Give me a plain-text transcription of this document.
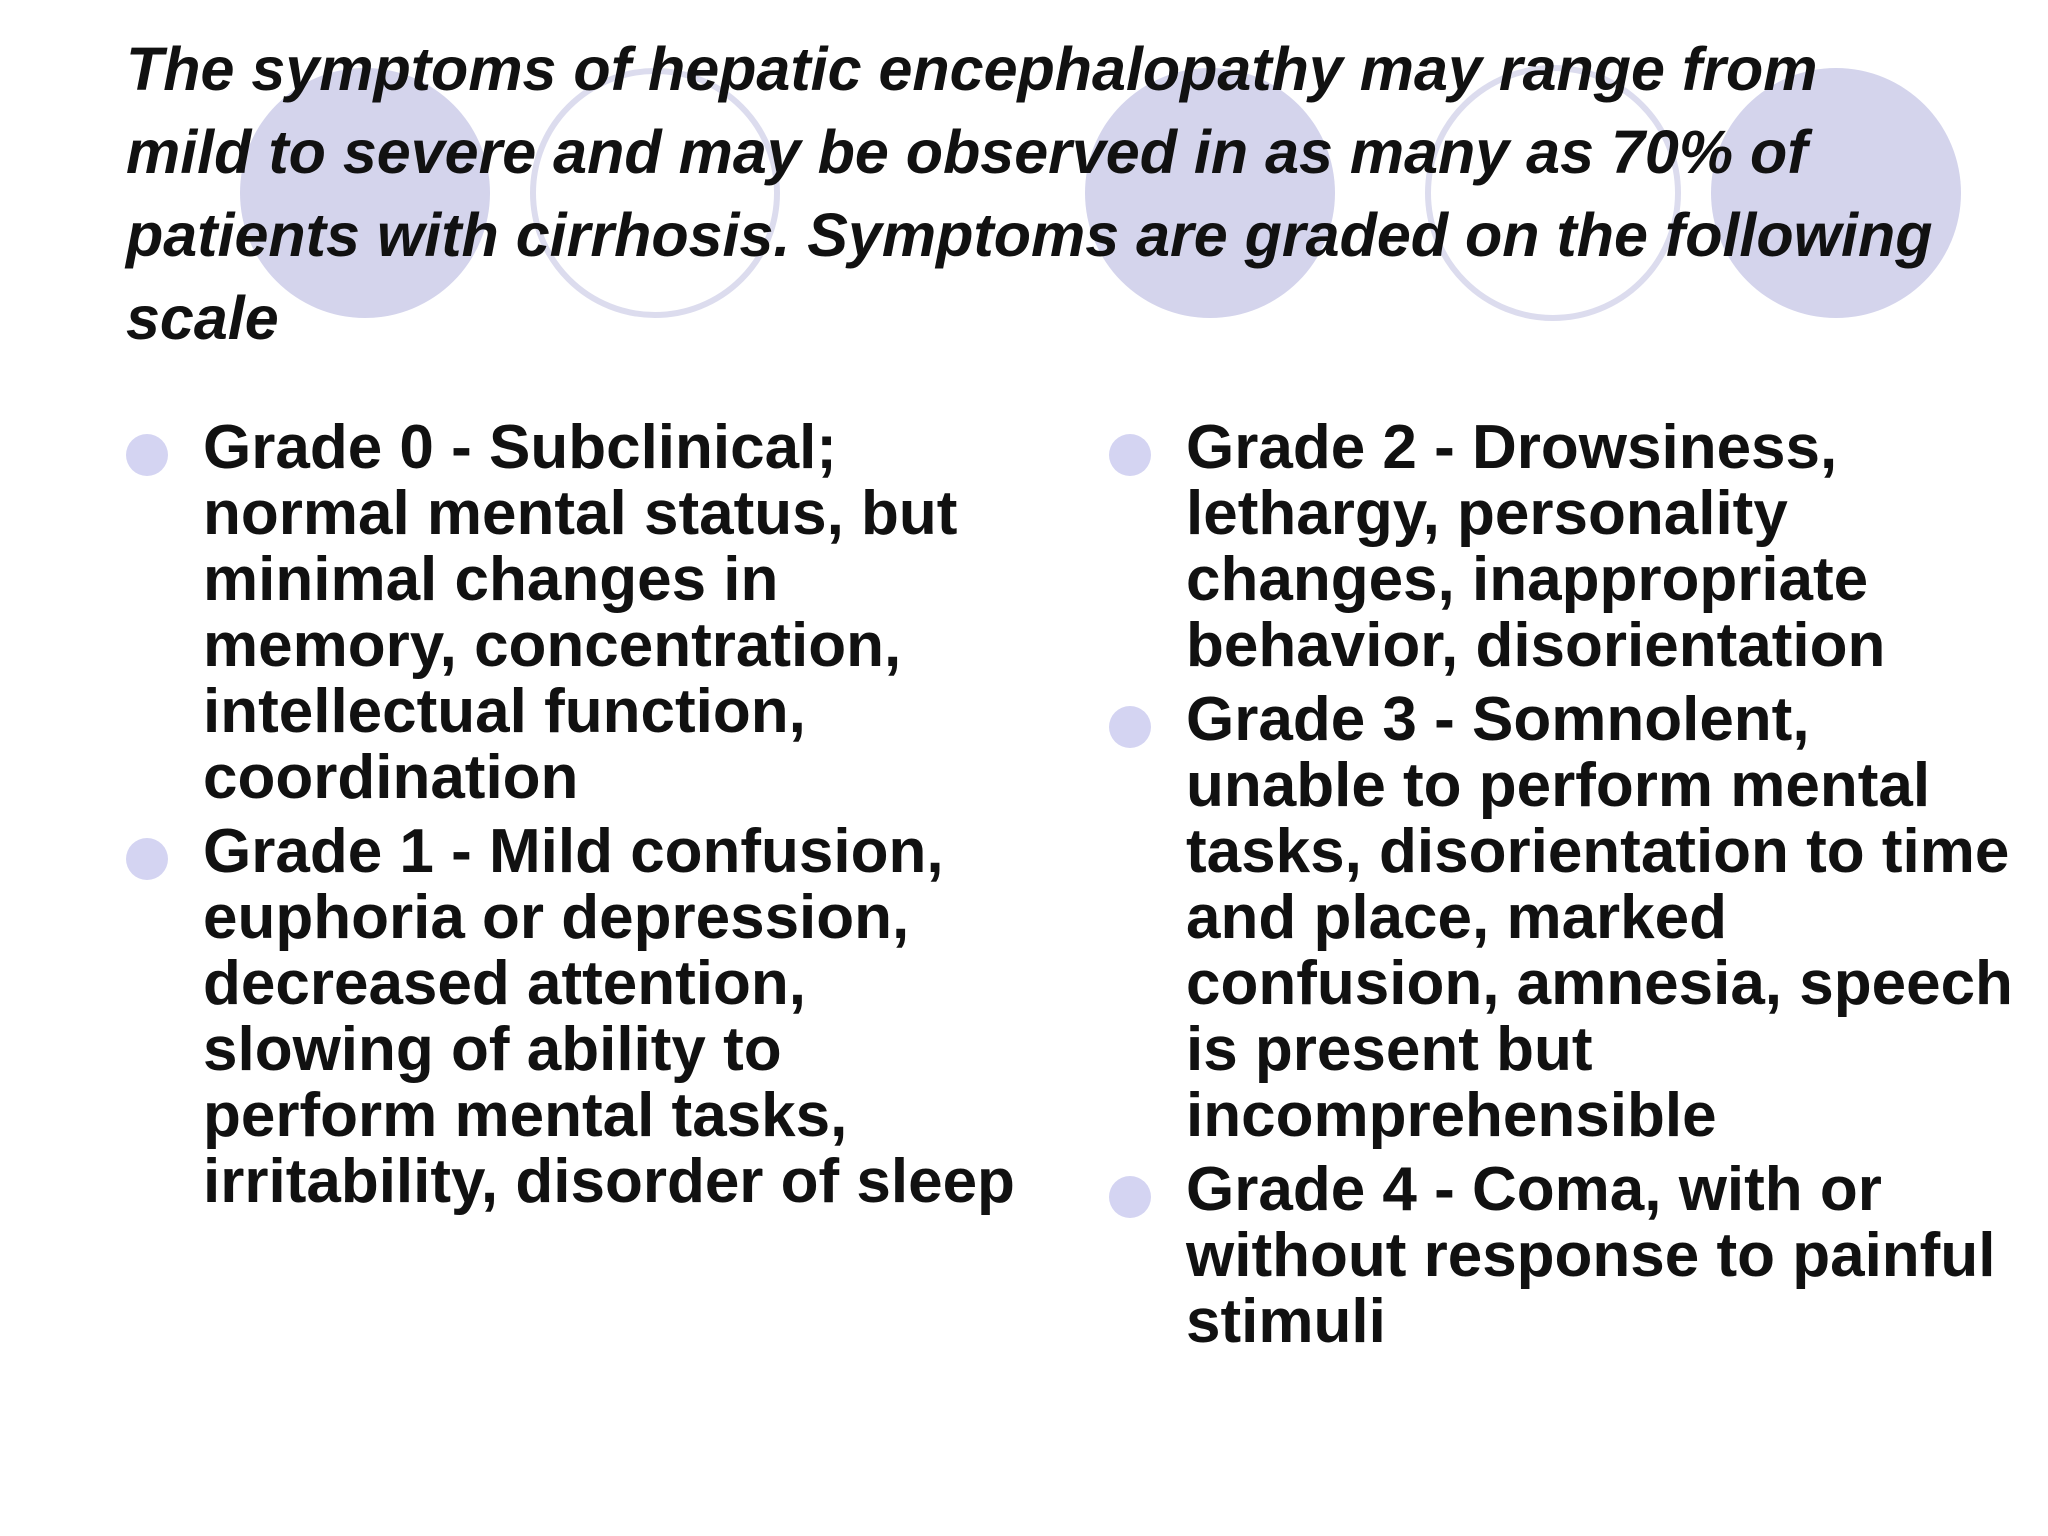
The symptoms of hepatic encephalopathy may range from mild to severe and may be observed in as many as 70% of patients with cirrhosis. Symptoms are graded on the following scale
Grade 0 - Subclinical; normal mental status, but minimal changes in memory, concentration, intellectual function, coordination
Grade 1 - Mild confusion, euphoria or depression, decreased attention, slowing of ability to perform mental tasks, irritability, disorder of sleep
Grade 2 - Drowsiness, lethargy, personality changes, inappropriate behavior, disorientation
Grade 3 - Somnolent, unable to perform mental tasks, disorientation to time and place, marked confusion, amnesia, speech is present but incomprehensible
Grade 4 - Coma, with or without response to painful stimuli
